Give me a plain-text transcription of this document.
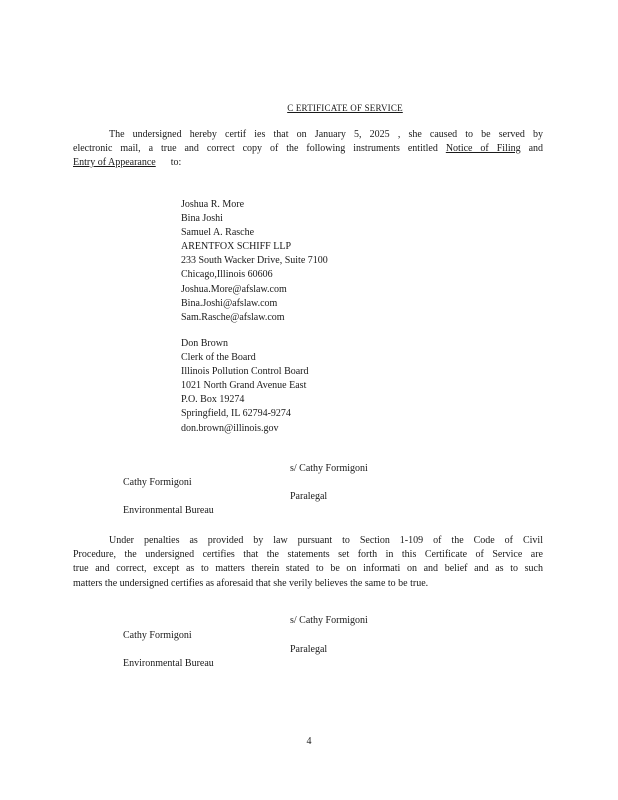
C ERTIFICATE OF SERVICE

The undersigned hereby certif ies that on January 5, 2025 , she caused to be served by

electronic mail, a true and correct copy of the following instruments entitled Notice of Filing and

Entry of Appearance to:

Joshua R. More
Bina Joshi
Samuel A. Rasche
ARENTFOX SCHIFF LLP
233 South Wacker Drive, Suite 7100
Chicago,Illinois 60606
Joshua.More@afslaw.com
Bina.Joshi@afslaw.com
Sam.Rasche@afslaw.com
Don Brown
Clerk of the Board
Illinois Pollution Control Board
1021 North Grand Avenue East
P.O. Box 19274
Springfield, IL 62794-9274
don.brown@illinois.gov
s/ Cathy Formigoni
Cathy Formigoni
Paralegal
Environmental Bureau

Under penalties as provided by law pursuant to Section 1-109 of the Code of Civil

Procedure, the undersigned certifies that the statements set forth in this Certificate of Service are

true and correct, except as to matters therein stated to be on informati on and belief and as to such

matters the undersigned certifies as aforesaid that she verily believes the same to be true.

s/ Cathy Formigoni
Cathy Formigoni
Paralegal
Environmental Bureau
4
